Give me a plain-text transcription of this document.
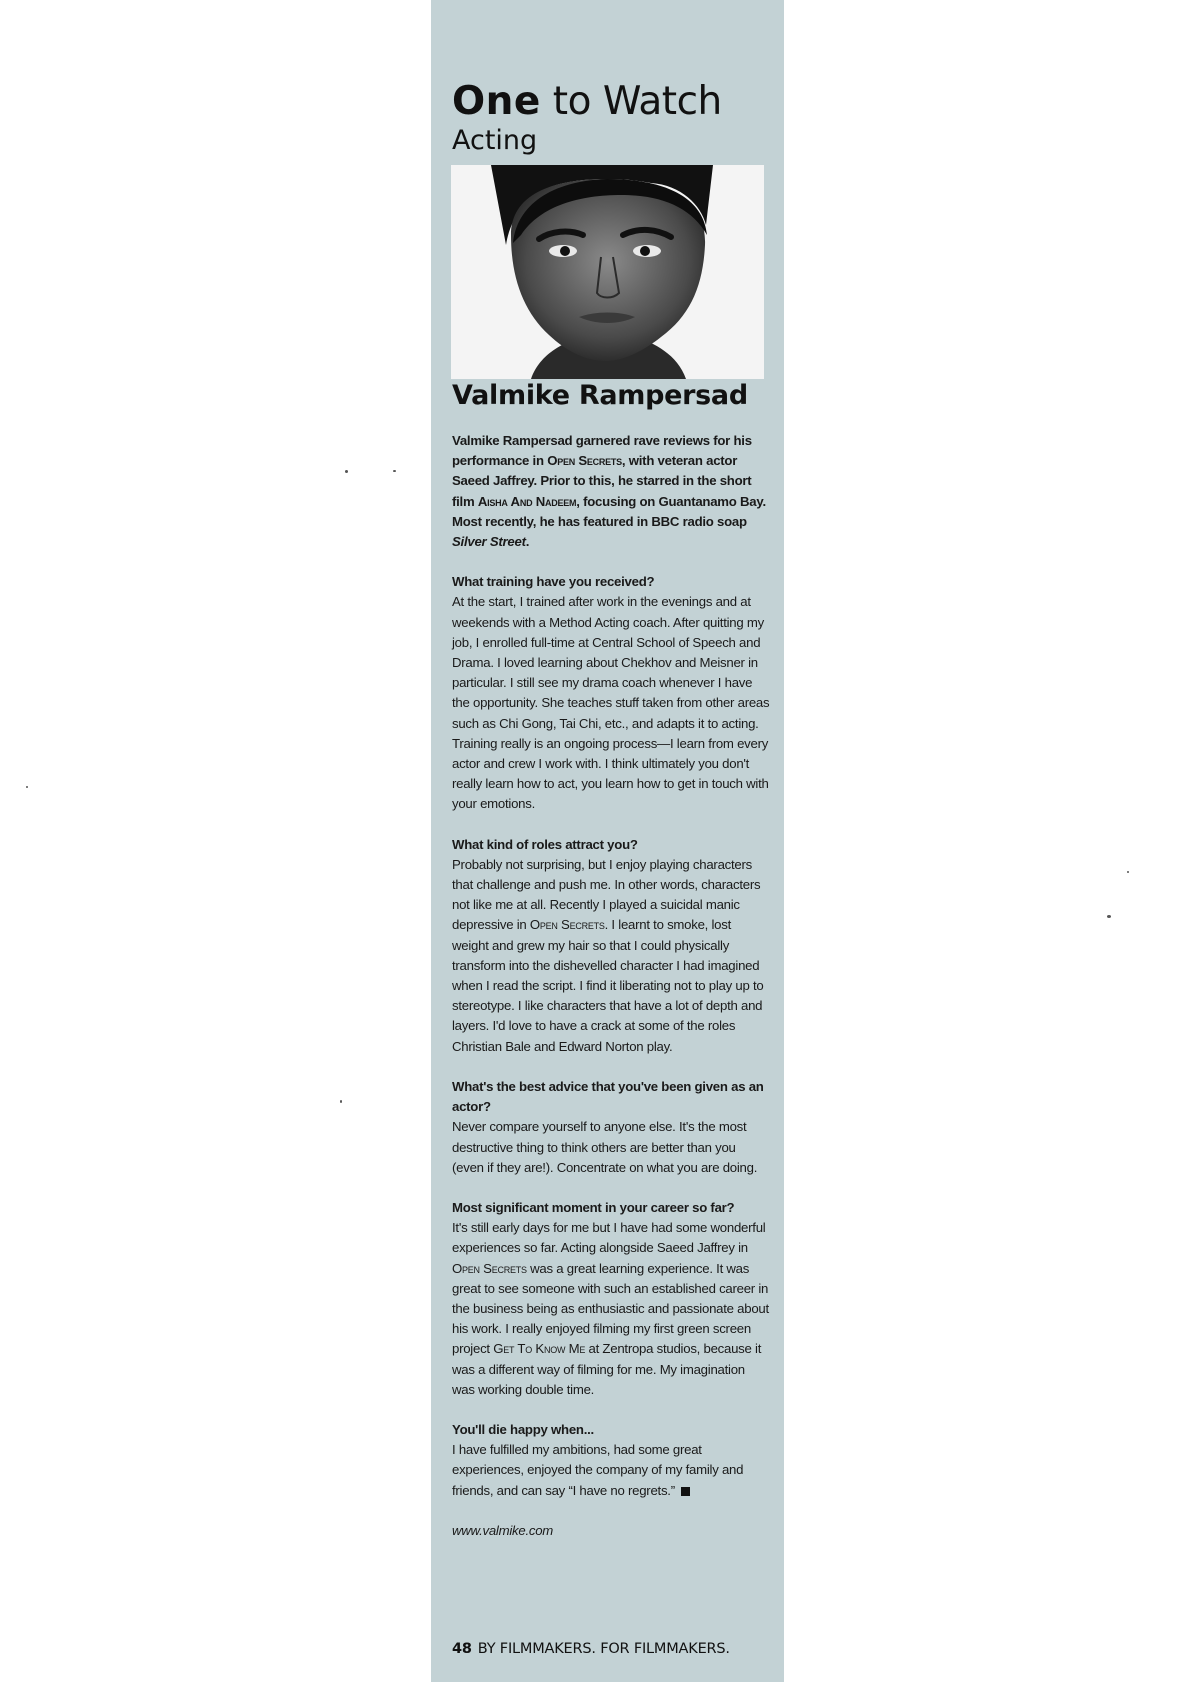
One to Watch
Acting
Valmike Rampersad

Valmike Rampersad garnered rave reviews for his performance in Open Secrets, with veteran actor Saeed Jaffrey. Prior to this, he starred in the short film Aisha And Nadeem, focusing on Guantanamo Bay. Most recently, he has featured in BBC radio soap Silver Street.

What training have you received?

At the start, I trained after work in the evenings and at weekends with a Method Acting coach. After quitting my job, I enrolled full-time at Central School of Speech and Drama. I loved learning about Chekhov and Meisner in particular. I still see my drama coach whenever I have the opportunity. She teaches stuff taken from other areas such as Chi Gong, Tai Chi, etc., and adapts it to acting. Training really is an ongoing process—I learn from every actor and crew I work with. I think ultimately you don't really learn how to act, you learn how to get in touch with your emotions.

What kind of roles attract you?

Probably not surprising, but I enjoy playing characters that challenge and push me. In other words, characters not like me at all. Recently I played a suicidal manic depressive in Open Secrets. I learnt to smoke, lost weight and grew my hair so that I could physically transform into the dishevelled character I had imagined when I read the script. I find it liberating not to play up to stereotype. I like characters that have a lot of depth and layers. I'd love to have a crack at some of the roles Christian Bale and Edward Norton play.

What's the best advice that you've been given as an actor?

Never compare yourself to anyone else. It's the most destructive thing to think others are better than you (even if they are!). Concentrate on what you are doing.

Most significant moment in your career so far?

It's still early days for me but I have had some wonderful experiences so far. Acting alongside Saeed Jaffrey in Open Secrets was a great learning experience. It was great to see someone with such an established career in the business being as enthusiastic and passionate about his work. I really enjoyed filming my first green screen project Get To Know Me at Zentropa studios, because it was a different way of filming for me. My imagination was working double time.

You'll die happy when...

I have fulfilled my ambitions, had some great experiences, enjoyed the company of my family and friends, and can say “I have no regrets.”

www.valmike.com

48 BY FILMMAKERS. FOR FILMMAKERS.
